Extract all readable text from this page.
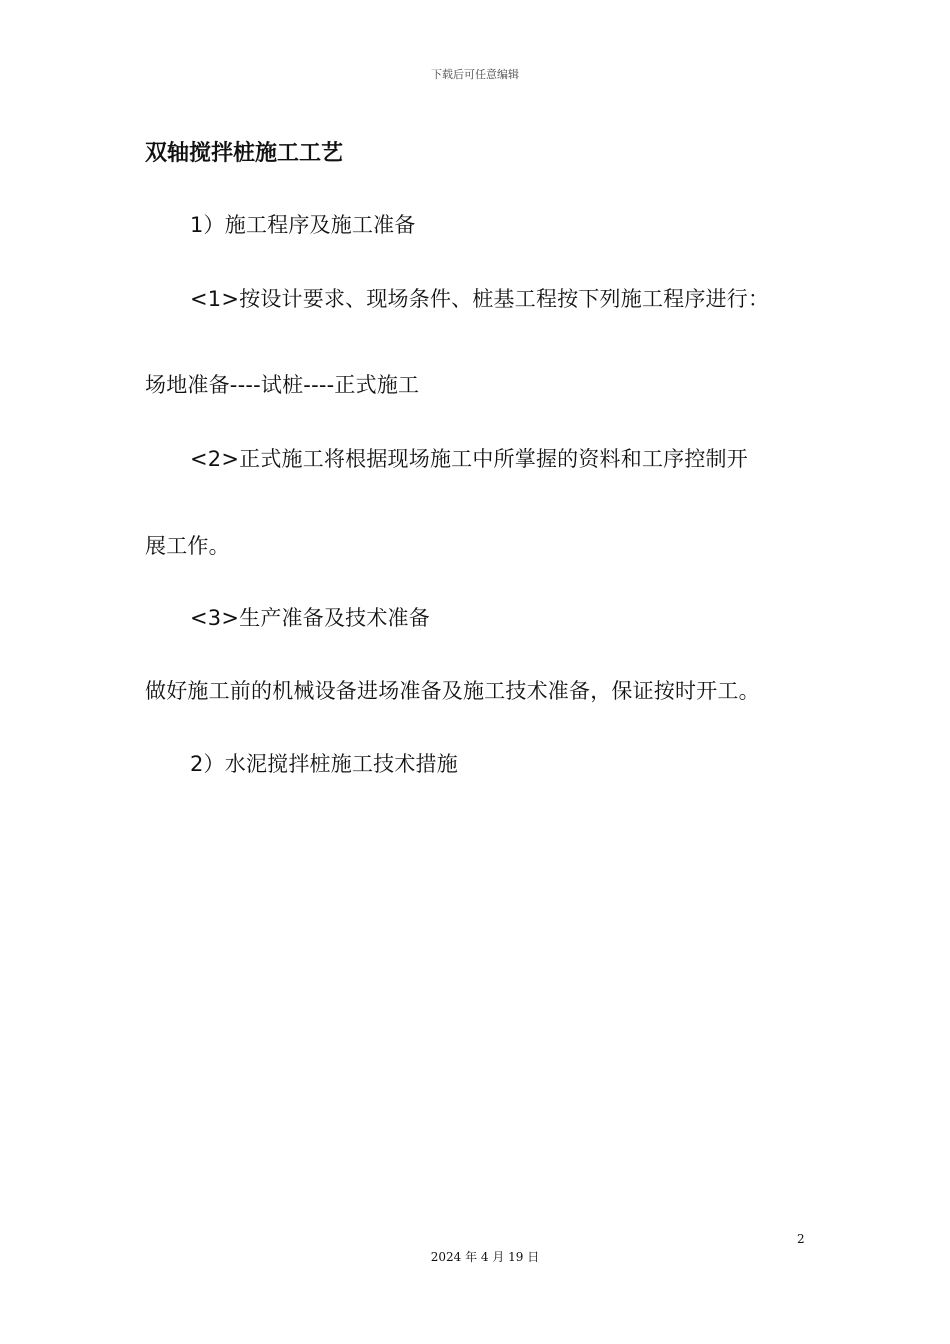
下载后可任意编辑
双轴搅拌桩施工工艺
1）施工程序及施工准备
<1>按设计要求、现场条件、桩基工程按下列施工程序进行：
场地准备----试桩----正式施工
<2>正式施工将根据现场施工中所掌握的资料和工序控制开
展工作。
<3>生产准备及技术准备
做好施工前的机械设备进场准备及施工技术准备，保证按时开工。
2）水泥搅拌桩施工技术措施
2
2024 年 4 月 19 日
